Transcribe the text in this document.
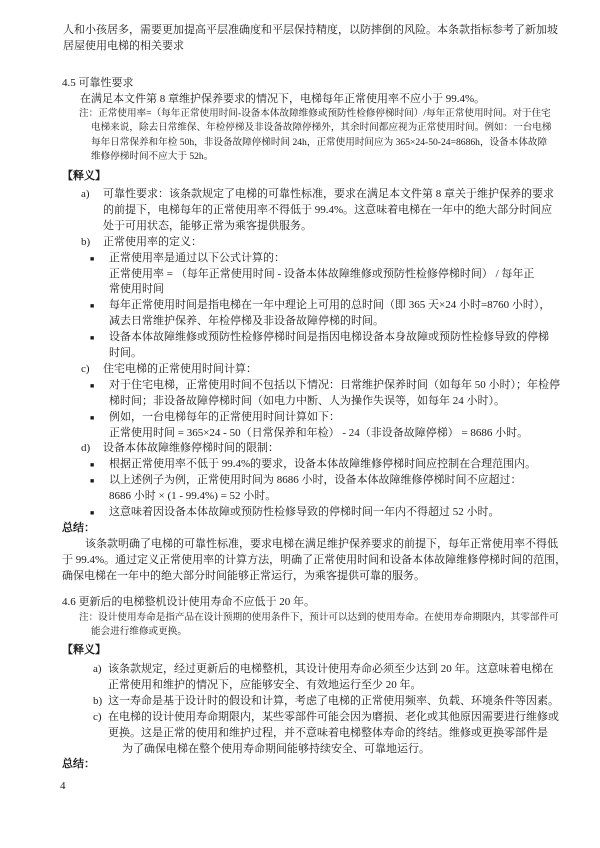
人和小孩居多，需要更加提高平层准确度和平层保持精度，以防摔倒的风险。本条款指标参考了新加坡
居屋使用电梯的相关要求
4.5 可靠性要求
在满足本文件第 8 章维护保养要求的情况下，电梯每年正常使用率不应小于 99.4%。
注：正常使用率=（每年正常使用时间-设备本体故障维修或预防性检修停梯时间）/每年正常使用时间。对于住宅
电梯来说，除去日常维保、年检停梯及非设备故障停梯外，其余时间都应视为正常使用时间。例如：一台电梯
每年日常保养和年检 50h，非设备故障停梯时间 24h，正常使用时间应为 365×24-50-24=8686h，设备本体故障
维修停梯时间不应大于 52h。
【释义】
可靠性要求：该条款规定了电梯的可靠性标准，要求在满足本文件第 8 章关于维护保养的要求
a)
的前提下，电梯每年的正常使用率不得低于 99.4%。这意味着电梯在一年中的绝大部分时间应
处于可用状态，能够正常为乘客提供服务。
正常使用率的定义：
b)
正常使用率是通过以下公式计算的：
■
正常使用率 = （每年正常使用时间 - 设备本体故障维修或预防性检修停梯时间） / 每年正
常使用时间
每年正常使用时间是指电梯在一年中理论上可用的总时间（即 365 天×24 小时=8760 小时），
■
减去日常维护保养、年检停梯及非设备故障停梯的时间。
设备本体故障维修或预防性检修停梯时间是指因电梯设备本身故障或预防性检修导致的停梯
■
时间。
住宅电梯的正常使用时间计算：
c)
对于住宅电梯，正常使用时间不包括以下情况：日常维护保养时间（如每年 50 小时）；年检停
■
梯时间；非设备故障停梯时间（如电力中断、人为操作失误等，如每年 24 小时）。
例如，一台电梯每年的正常使用时间计算如下：
■
正常使用时间 = 365×24 - 50（日常保养和年检） - 24（非设备故障停梯） = 8686 小时。
设备本体故障维修停梯时间的限制：
d)
根据正常使用率不低于 99.4%的要求，设备本体故障维修停梯时间应控制在合理范围内。
■
以上述例子为例，正常使用时间为 8686 小时，设备本体故障维修停梯时间不应超过：
■
8686 小时 × (1 - 99.4%) = 52 小时。
这意味着因设备本体故障或预防性检修导致的停梯时间一年内不得超过 52 小时。
■
总结：
该条款明确了电梯的可靠性标准，要求电梯在满足维护保养要求的前提下，每年正常使用率不得低
于 99.4%。通过定义正常使用率的计算方法，明确了正常使用时间和设备本体故障维修停梯时间的范围，
确保电梯在一年中的绝大部分时间能够正常运行，为乘客提供可靠的服务。
4.6 更新后的电梯整机设计使用寿命不应低于 20 年。
注：设计使用寿命是指产品在设计预期的使用条件下，预计可以达到的使用寿命。在使用寿命期限内，其零部件可
能会进行维修或更换。
【释义】
该条款规定，经过更新后的电梯整机，其设计使用寿命必须至少达到 20 年。这意味着电梯在
a)
正常使用和维护的情况下，应能够安全、有效地运行至少 20 年。
这一寿命是基于设计时的假设和计算，考虑了电梯的正常使用频率、负载、环境条件等因素。
b)
在电梯的设计使用寿命期限内，某些零部件可能会因为磨损、老化或其他原因需要进行维修或
c)
更换。这是正常的使用和维护过程，并不意味着电梯整体寿命的终结。维修或更换零部件是
为了确保电梯在整个使用寿命期间能够持续安全、可靠地运行。
总结：
4
